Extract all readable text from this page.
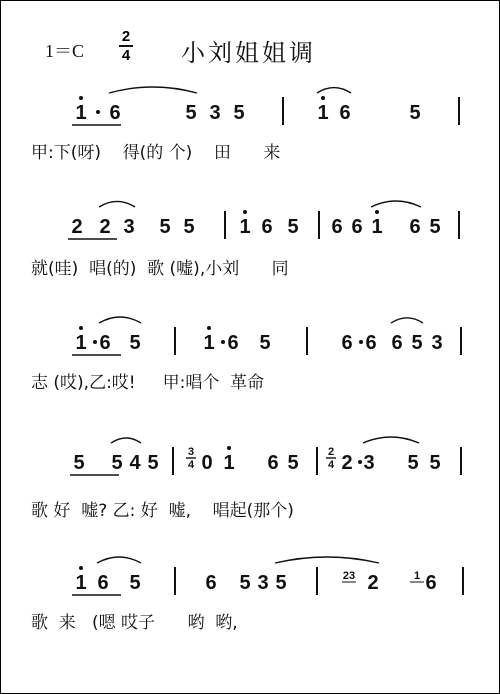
1＝C
2
4 小刘姐姐调
1 6	5 3 5	1 6	5
2 2 3 5 5 1 6 5 6 6 1 6 5
1 6 5	1 6 5	6 6 6 5 3
5 5 4 5 0 1 6 5 2 3 5 5
3
4
2
4
1 6 5	6 5 3 5	2 6
23	1
甲:下(呀)    得(的 个)    田      来
就(哇)  唱(的)  歌 (嘘),小刘      同
志 (哎),乙:哎!     甲:唱个  革命
歌 好  嘘? 乙: 好  嘘,    唱起(那个)
歌  来   (嗯 哎子      哟  哟,
